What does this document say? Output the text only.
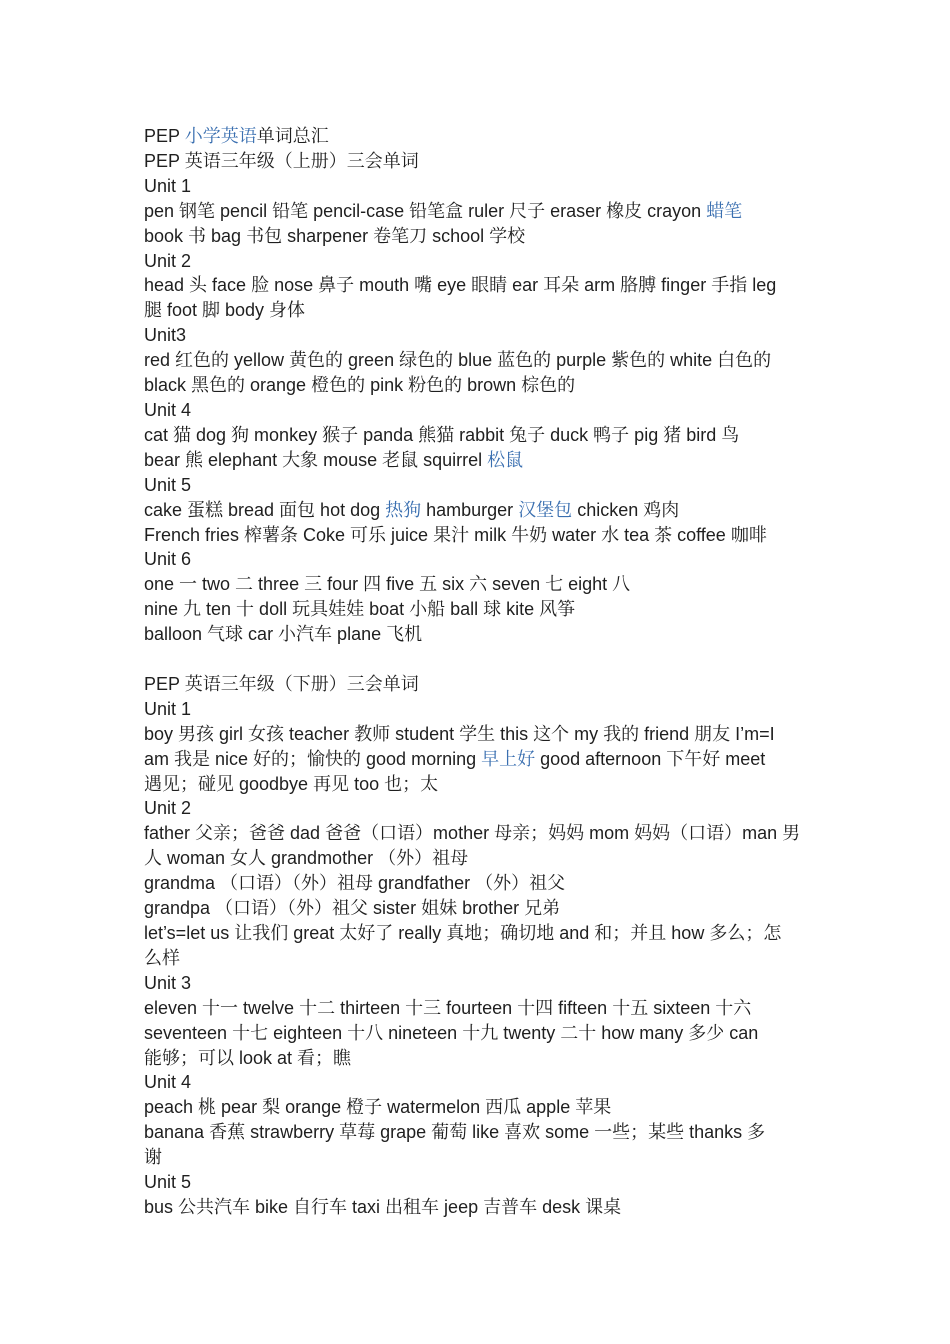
PEP 小学英语单词总汇
PEP 英语三年级（上册）三会单词
Unit 1
pen 钢笔 pencil 铅笔 pencil-case 铅笔盒 ruler 尺子 eraser 橡皮 crayon 蜡笔
book 书 bag 书包 sharpener 卷笔刀 school 学校
Unit 2
head 头 face 脸 nose 鼻子 mouth 嘴 eye 眼睛 ear 耳朵 arm 胳膊 finger 手指 leg
腿 foot 脚 body 身体
Unit3
red 红色的 yellow 黄色的 green 绿色的 blue 蓝色的 purple 紫色的 white 白色的
black 黑色的 orange 橙色的 pink 粉色的 brown 棕色的
Unit 4
cat 猫 dog 狗 monkey 猴子 panda 熊猫 rabbit 兔子 duck 鸭子 pig 猪 bird 鸟
bear 熊 elephant 大象 mouse 老鼠 squirrel 松鼠
Unit 5
cake 蛋糕 bread 面包 hot dog 热狗 hamburger 汉堡包 chicken 鸡肉
French fries 榨薯条 Coke 可乐 juice 果汁 milk 牛奶 water 水 tea 茶 coffee 咖啡
Unit 6
one 一 two 二 three 三 four 四 five 五 six 六 seven 七 eight 八
nine 九 ten 十 doll 玩具娃娃 boat 小船 ball 球 kite 风筝
balloon 气球 car 小汽车 plane 飞机
PEP 英语三年级（下册）三会单词
Unit 1
boy 男孩 girl 女孩 teacher 教师 student 学生 this 这个 my 我的 friend 朋友 I’m=I
am 我是 nice 好的；愉快的 good morning 早上好 good afternoon 下午好 meet
遇见；碰见 goodbye 再见 too 也；太
Unit 2
father 父亲；爸爸 dad 爸爸（口语）mother 母亲；妈妈 mom 妈妈（口语）man 男
人 woman 女人 grandmother （外）祖母
grandma （口语）（外）祖母 grandfather （外）祖父
grandpa （口语）（外）祖父 sister 姐妹 brother 兄弟
let’s=let us 让我们 great 太好了 really 真地；确切地 and 和；并且 how 多么；怎
么样
Unit 3
eleven 十一 twelve 十二 thirteen 十三 fourteen 十四 fifteen 十五 sixteen 十六
seventeen 十七 eighteen 十八 nineteen 十九 twenty 二十 how many 多少 can
能够；可以 look at 看；瞧
Unit 4
peach 桃 pear 梨 orange 橙子 watermelon 西瓜 apple 苹果
banana 香蕉 strawberry 草莓 grape 葡萄 like 喜欢 some 一些；某些 thanks 多
谢
Unit 5
bus 公共汽车 bike 自行车 taxi 出租车 jeep 吉普车 desk 课桌
